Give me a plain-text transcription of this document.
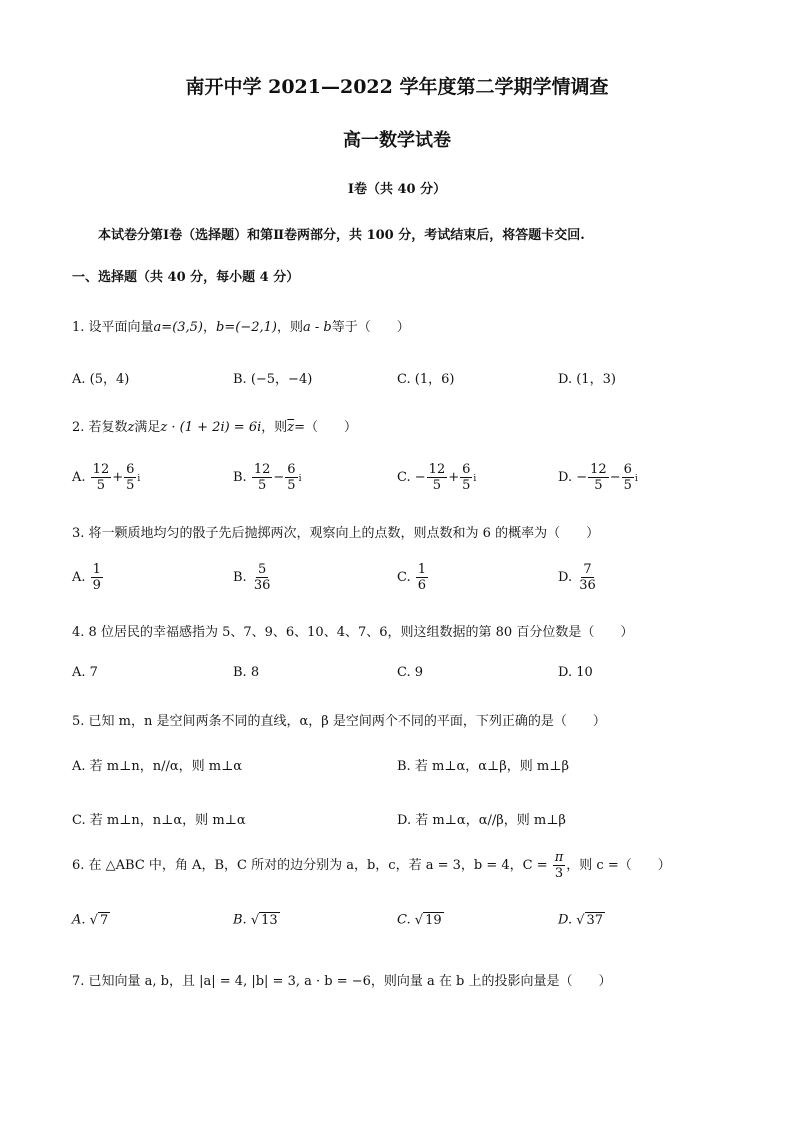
南开中学 2021—2022 学年度第二学期学情调查
高一数学试卷
Ⅰ卷（共 40 分）
本试卷分第Ⅰ卷（选择题）和第Ⅱ卷两部分，共 100 分，考试结束后，将答题卡交回.
一、选择题（共 40 分，每小题 4 分）
1. 设平面向量a=(3,5)，b=(−2,1)，则a - b等于（　　）
A. (5，4)	B. (−5，−4)	C. (1，6)	D. (1，3)
2. 若复数z满足z · (1 + 2i) = 6i，则$\overline{z}=$（　　）
A. $\frac{12}{5} + \frac{6}{5}$ i	B. $\frac{12}{5} - \frac{6}{5}$ i	C. − $\frac{12}{5} + \frac{6}{5}$ i	D. − $\frac{12}{5} - \frac{6}{5}$ i
3. 将一颗质地均匀的骰子先后抛掷两次，观察向上的点数，则点数和为 6 的概率为（　　）
A. $\frac{1}{9}$	B. $\frac{5}{36}$	C. $\frac{1}{6}$	D. $\frac{7}{36}$
4. 8 位居民的幸福感指为 5、7、9、6、10、4、7、6，则这组数据的第 80 百分位数是（　　）
A. 7	B. 8	C. 9	D. 10
5. 已知 m，n 是空间两条不同的直线，α，β 是空间两个不同的平面，下列正确的是（　　）
A. 若 m⊥n，n//α，则 m⊥α	B. 若 m⊥α，α⊥β，则 m⊥β
C. 若 m⊥n，n⊥α，则 m⊥α	D. 若 m⊥α，α//β，则 m⊥β
6. 在 △ABC 中，角 A，B，C 所对的边分别为 a，b，c，若 a = 3，b = 4，$C = \frac{\pi}{3}$ ，则 c =（　　）
A. √ 7	B. √ 13	C. √ 19	D. √ 37
7. 已知向量 a, b，且 |a| = 4, |b| = 3, a · b = −6，则向量 a 在 b 上的投影向量是（　　）
